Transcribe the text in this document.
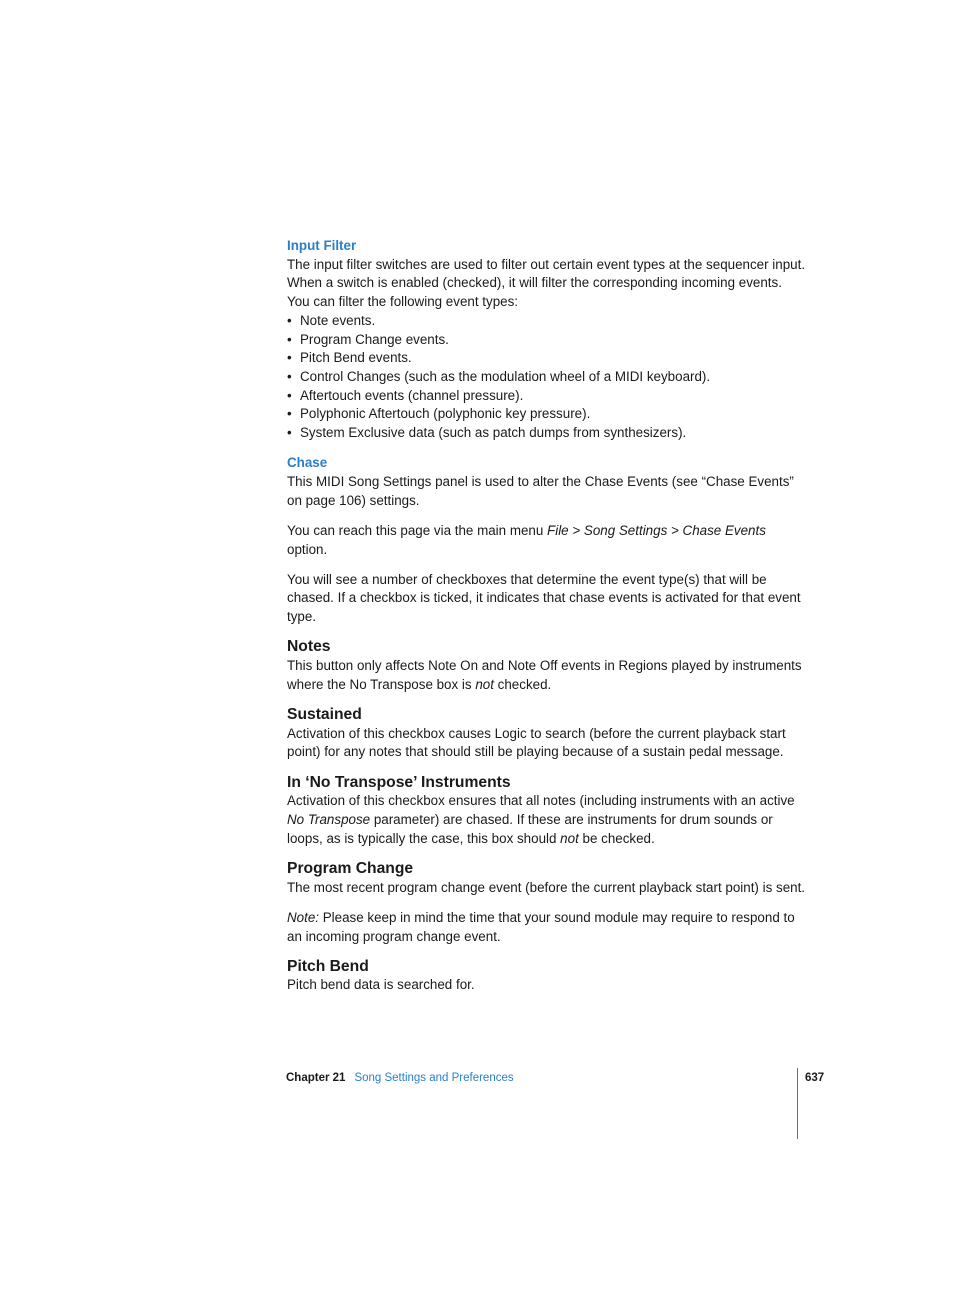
Input Filter

The input filter switches are used to filter out certain event types at the sequencer input. When a switch is enabled (checked), it will filter the corresponding incoming events. You can filter the following event types:

• Note events.
• Program Change events.
• Pitch Bend events.
• Control Changes (such as the modulation wheel of a MIDI keyboard).
• Aftertouch events (channel pressure).
• Polyphonic Aftertouch (polyphonic key pressure).
• System Exclusive data (such as patch dumps from synthesizers).
Chase

This MIDI Song Settings panel is used to alter the Chase Events (see “Chase Events” on page 106) settings.

You can reach this page via the main menu File > Song Settings > Chase Events option.

You will see a number of checkboxes that determine the event type(s) that will be chased. If a checkbox is ticked, it indicates that chase events is activated for that event type.

Notes

This button only affects Note On and Note Off events in Regions played by instruments where the No Transpose box is not checked.

Sustained

Activation of this checkbox causes Logic to search (before the current playback start point) for any notes that should still be playing because of a sustain pedal message.

In ‘No Transpose’ Instruments

Activation of this checkbox ensures that all notes (including instruments with an active No Transpose parameter) are chased. If these are instruments for drum sounds or loops, as is typically the case, this box should not be checked.

Program Change

The most recent program change event (before the current playback start point) is sent.

Note: Please keep in mind the time that your sound module may require to respond to an incoming program change event.

Pitch Bend

Pitch bend data is searched for.

Chapter 21 Song Settings and Preferences	637
